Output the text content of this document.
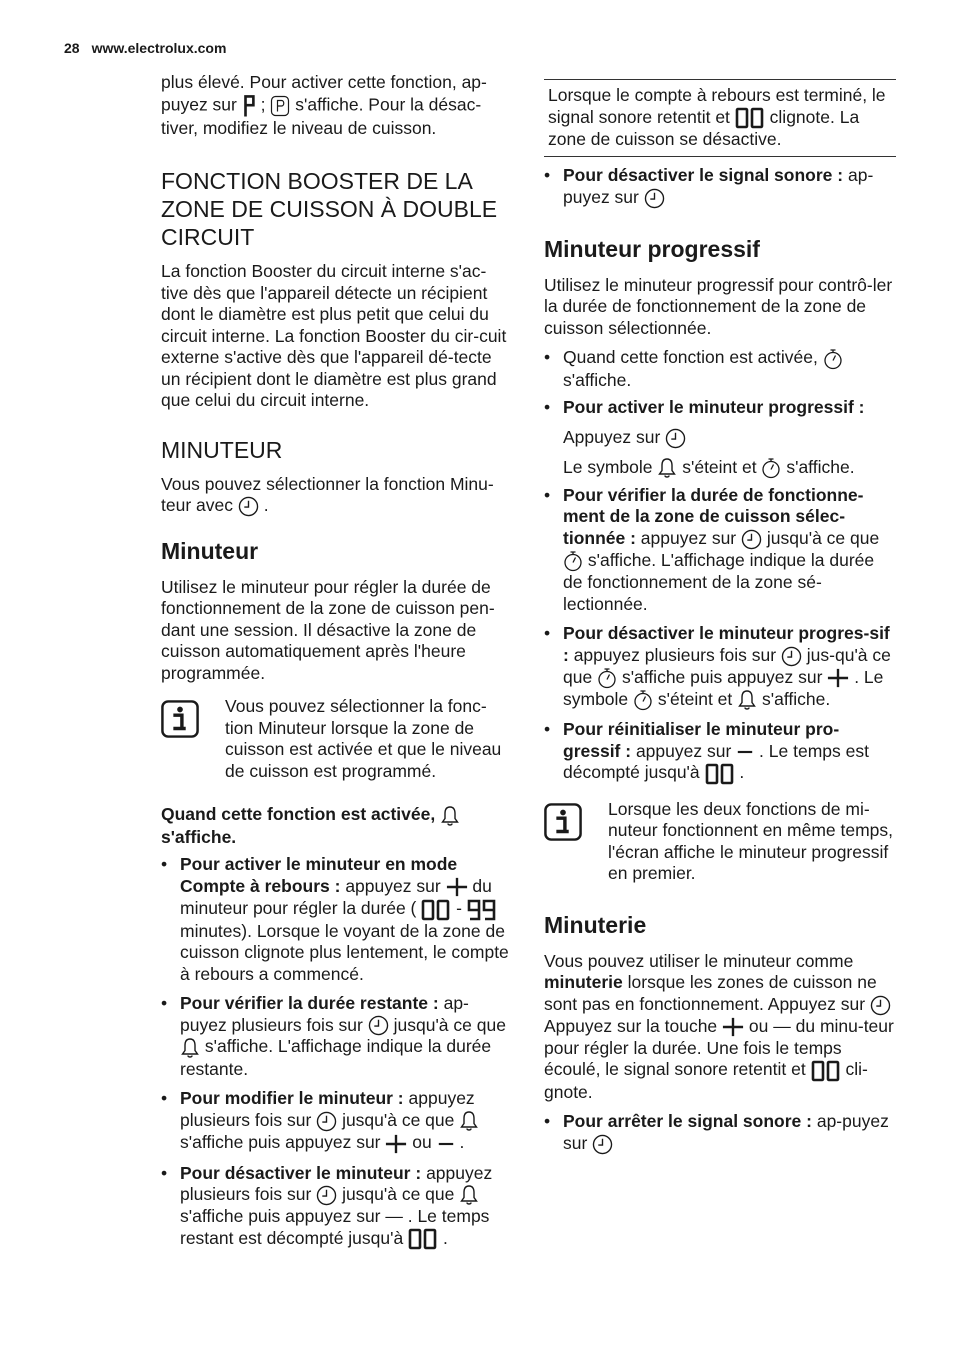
28 www.electrolux.com

plus élevé. Pour activer cette fonction, ap-puyez sur ; s'affiche. Pour la désac-tiver, modifiez le niveau de cuisson.

FONCTION BOOSTER DE LA ZONE DE CUISSON À DOUBLE CIRCUIT

La fonction Booster du circuit interne s'ac-tive dès que l'appareil détecte un récipient dont le diamètre est plus petit que celui du circuit interne. La fonction Booster du cir-cuit externe s'active dès que l'appareil dé-tecte un récipient dont le diamètre est plus grand que celui du circuit interne.

MINUTEUR

Vous pouvez sélectionner la fonction Minu-teur avec .

Minuteur

Utilisez le minuteur pour régler la durée de fonctionnement de la zone de cuisson pen-dant une session. Il désactive la zone de cuisson automatiquement après l'heure programmée.

Vous pouvez sélectionner la fonc-tion Minuteur lorsque la zone de cuisson est activée et que le niveau de cuisson est programmé.

Quand cette fonction est activée,  s'affiche.

• Pour activer le minuteur en mode Compte à rebours : appuyez sur du minuteur pour régler la durée ( -  minutes). Lorsque le voyant de la zone de cuisson clignote plus lentement, le compte à rebours a commencé.
• Pour vérifier la durée restante : ap-puyez plusieurs fois sur jusqu'à ce que  s'affiche. L'affichage indique la durée restante.
• Pour modifier le minuteur : appuyez plusieurs fois sur jusqu'à ce que  s'affiche puis appuyez sur ou .
• Pour désactiver le minuteur : appuyez plusieurs fois sur jusqu'à ce que  s'affiche puis appuyez sur — . Le temps restant est décompté jusqu'à .
Lorsque le compte à rebours est terminé, le signal sonore retentit et clignote. La zone de cuisson se désactive.
• Pour désactiver le signal sonore : ap-puyez sur
Minuteur progressif

Utilisez le minuteur progressif pour contrô-ler la durée de fonctionnement de la zone de cuisson sélectionnée.

• Quand cette fonction est activée,  s'affiche.
• Pour activer le minuteur progressif :
Appuyez sur
Le symbole s'éteint et s'affiche.
• Pour vérifier la durée de fonctionne-ment de la zone de cuisson sélec-tionnée : appuyez sur jusqu'à ce que  s'affiche. L'affichage indique la durée de fonctionnement de la zone sé-lectionnée.
• Pour désactiver le minuteur progres-sif : appuyez plusieurs fois sur jus-qu'à ce que s'affiche puis appuyez sur . Le symbole s'éteint et s'affiche.
• Pour réinitialiser le minuteur pro-gressif : appuyez sur . Le temps est décompté jusqu'à .

Lorsque les deux fonctions de mi-nuteur fonctionnent en même temps, l'écran affiche le minuteur progressif en premier.

Minuterie

Vous pouvez utiliser le minuteur comme minuterie lorsque les zones de cuisson ne sont pas en fonctionnement. Appuyez sur

Appuyez sur la touche ou — du minu-teur pour régler la durée. Une fois le temps écoulé, le signal sonore retentit et cli-gnote.

• Pour arrêter le signal sonore : ap-puyez sur
